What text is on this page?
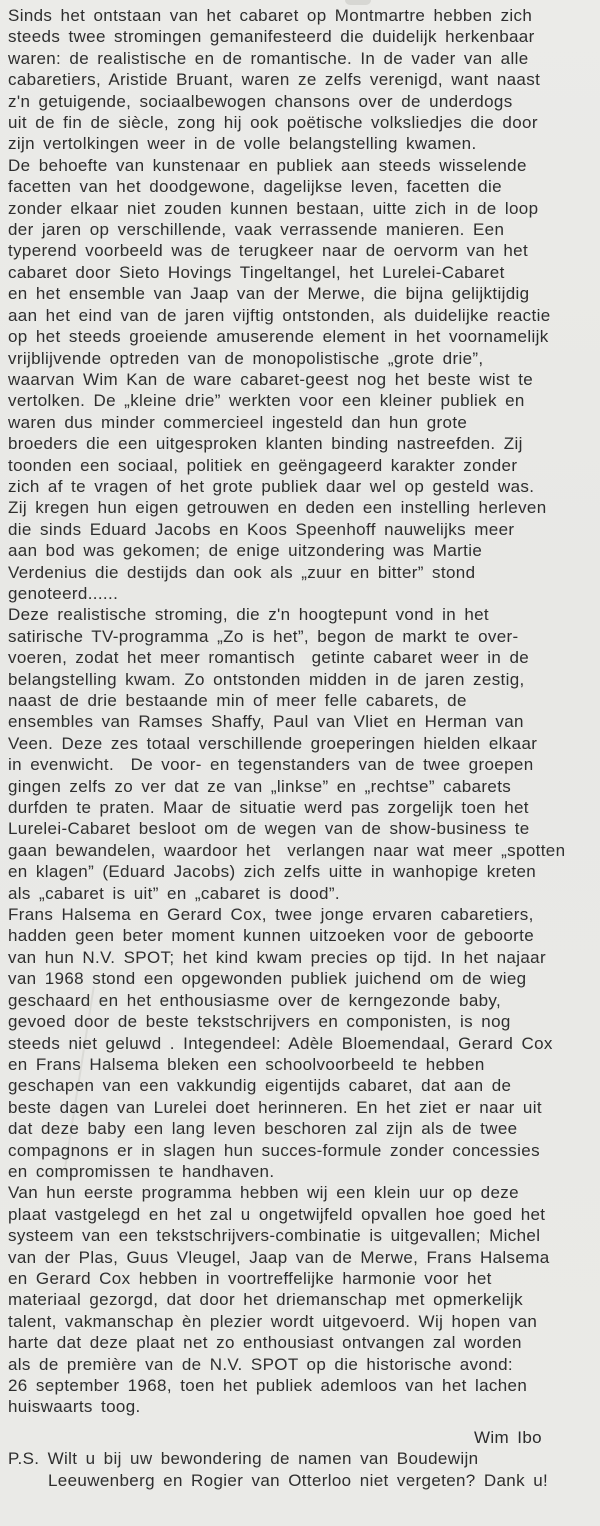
Sinds het ontstaan van het cabaret op Montmartre hebben zich
steeds twee stromingen gemanifesteerd die duidelijk herkenbaar
waren: de realistische en de romantische. In de vader van alle
cabaretiers, Aristide Bruant, waren ze zelfs verenigd, want naast
z'n getuigende, sociaalbewogen chansons over de underdogs
uit de fin de siècle, zong hij ook poëtische volksliedjes die door
zijn vertolkingen weer in de volle belangstelling kwamen.
De behoefte van kunstenaar en publiek aan steeds wisselende
facetten van het doodgewone, dagelijkse leven, facetten die
zonder elkaar niet zouden kunnen bestaan, uitte zich in de loop
der jaren op verschillende, vaak verrassende manieren. Een
typerend voorbeeld was de terugkeer naar de oervorm van het
cabaret door Sieto Hovings Tingeltangel, het Lurelei-Cabaret
en het ensemble van Jaap van der Merwe, die bijna gelijktijdig
aan het eind van de jaren vijftig ontstonden, als duidelijke reactie
op het steeds groeiende amuserende element in het voornamelijk
vrijblijvende optreden van de monopolistische „grote drie”,
waarvan Wim Kan de ware cabaret-geest nog het beste wist te
vertolken. De „kleine drie” werkten voor een kleiner publiek en
waren dus minder commercieel ingesteld dan hun grote
broeders die een uitgesproken klanten binding nastreefden. Zij
toonden een sociaal, politiek en geëngageerd karakter zonder
zich af te vragen of het grote publiek daar wel op gesteld was.
Zij kregen hun eigen getrouwen en deden een instelling herleven
die sinds Eduard Jacobs en Koos Speenhoff nauwelijks meer
aan bod was gekomen; de enige uitzondering was Martie
Verdenius die destijds dan ook als „zuur en bitter” stond
genoteerd......
Deze realistische stroming, die z'n hoogtepunt vond in het
satirische TV-programma „Zo is het”, begon de markt te over-
voeren, zodat het meer romantisch  getinte cabaret weer in de
belangstelling kwam. Zo ontstonden midden in de jaren zestig,
naast de drie bestaande min of meer felle cabarets, de
ensembles van Ramses Shaffy, Paul van Vliet en Herman van
Veen. Deze zes totaal verschillende groeperingen hielden elkaar
in evenwicht.  De voor- en tegenstanders van de twee groepen
gingen zelfs zo ver dat ze van „linkse” en „rechtse” cabarets
durfden te praten. Maar de situatie werd pas zorgelijk toen het
Lurelei-Cabaret besloot om de wegen van de show-business te
gaan bewandelen, waardoor het  verlangen naar wat meer „spotten
en klagen” (Eduard Jacobs) zich zelfs uitte in wanhopige kreten
als „cabaret is uit” en „cabaret is dood”.
Frans Halsema en Gerard Cox, twee jonge ervaren cabaretiers,
hadden geen beter moment kunnen uitzoeken voor de geboorte
van hun N.V. SPOT; het kind kwam precies op tijd. In het najaar
van 1968 stond een opgewonden publiek juichend om de wieg
geschaard en het enthousiasme over de kerngezonde baby,
gevoed door de beste tekstschrijvers en componisten, is nog
steeds niet geluwd . Integendeel: Adèle Bloemendaal, Gerard Cox
en Frans Halsema bleken een schoolvoorbeeld te hebben
geschapen van een vakkundig eigentijds cabaret, dat aan de
beste dagen van Lurelei doet herinneren. En het ziet er naar uit
dat deze baby een lang leven beschoren zal zijn als de twee
compagnons er in slagen hun succes-formule zonder concessies
en compromissen te handhaven.
Van hun eerste programma hebben wij een klein uur op deze
plaat vastgelegd en het zal u ongetwijfeld opvallen hoe goed het
systeem van een tekstschrijvers-combinatie is uitgevallen; Michel
van der Plas, Guus Vleugel, Jaap van de Merwe, Frans Halsema
en Gerard Cox hebben in voortreffelijke harmonie voor het
materiaal gezorgd, dat door het driemanschap met opmerkelijk
talent, vakmanschap èn plezier wordt uitgevoerd. Wij hopen van
harte dat deze plaat net zo enthousiast ontvangen zal worden
als de première van de N.V. SPOT op die historische avond:
26 september 1968, toen het publiek ademloos van het lachen
huiswaarts toog.
Wim Ibo
P.S. Wilt u bij uw bewondering de namen van Boudewijn
Leeuwenberg en Rogier van Otterloo niet vergeten? Dank u!
